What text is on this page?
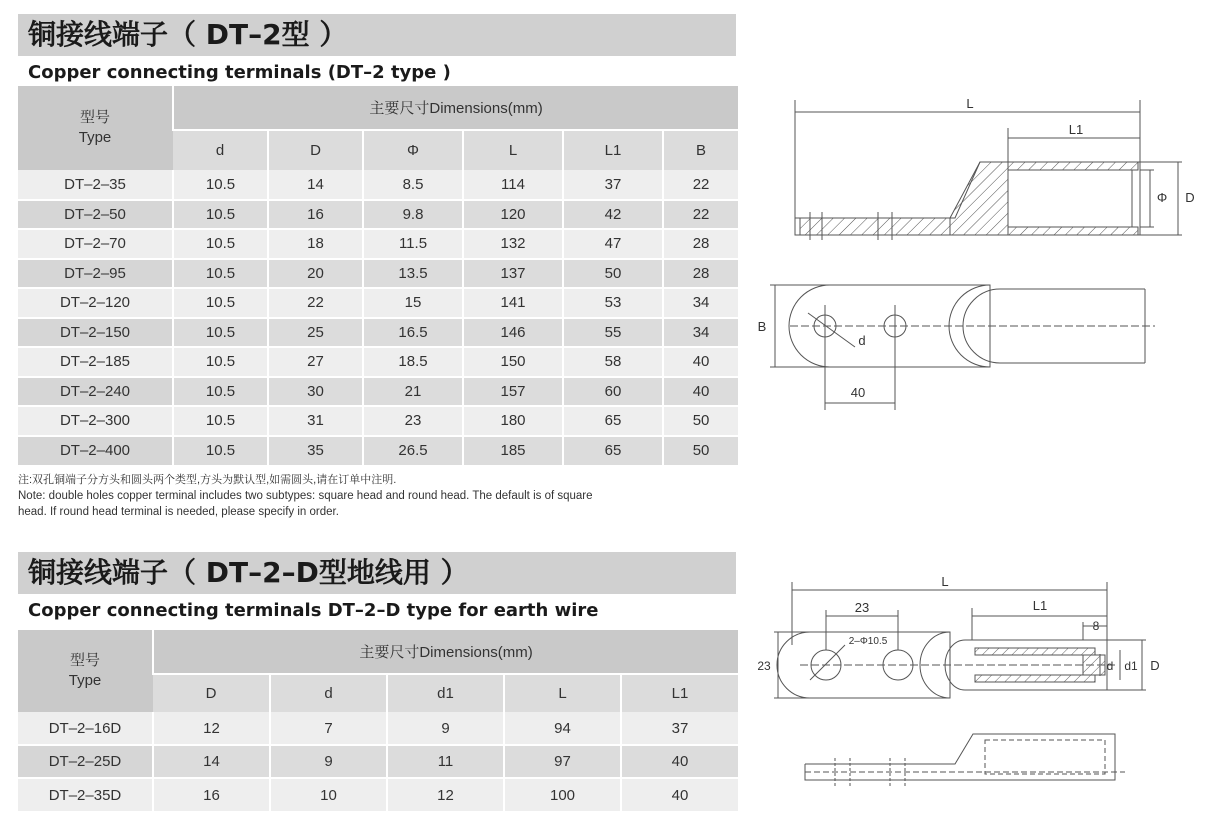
铜接线端子（ DT–2型 ）
Copper connecting terminals (DT–2 type )
型号
Type	主要尺寸Dimensions(mm)					
	d	D	Φ	L	L1	B
DT–2–35	10.5	14	8.5	114	37	22
DT–2–50	10.5	16	9.8	120	42	22
DT–2–70	10.5	18	11.5	132	47	28
DT–2–95	10.5	20	13.5	137	50	28
DT–2–120	10.5	22	15	141	53	34
DT–2–150	10.5	25	16.5	146	55	34
DT–2–185	10.5	27	18.5	150	58	40
DT–2–240	10.5	30	21	157	60	40
DT–2–300	10.5	31	23	180	65	50
DT–2–400	10.5	35	26.5	185	65	50
注:双孔铜端子分方头和圆头两个类型,方头为默认型,如需圆头,请在订单中注明.
Note: double holes copper terminal includes two subtypes: square head and round head. The default is of square
head. If round head terminal is needed, please specify in order.
L
L1
Φ D
B
d
40
铜接线端子（ DT–2–D型地线用 ）
Copper connecting terminals DT–2–D type for earth wire
型号
Type	主要尺寸Dimensions(mm)				
	D	d	d1	L	L1
DT–2–16D	12	7	9	94	37
DT–2–25D	14	9	11	97	40
DT–2–35D	16	10	12	100	40
L
L1
23
2–Φ10.5
8
23	d d1 D
